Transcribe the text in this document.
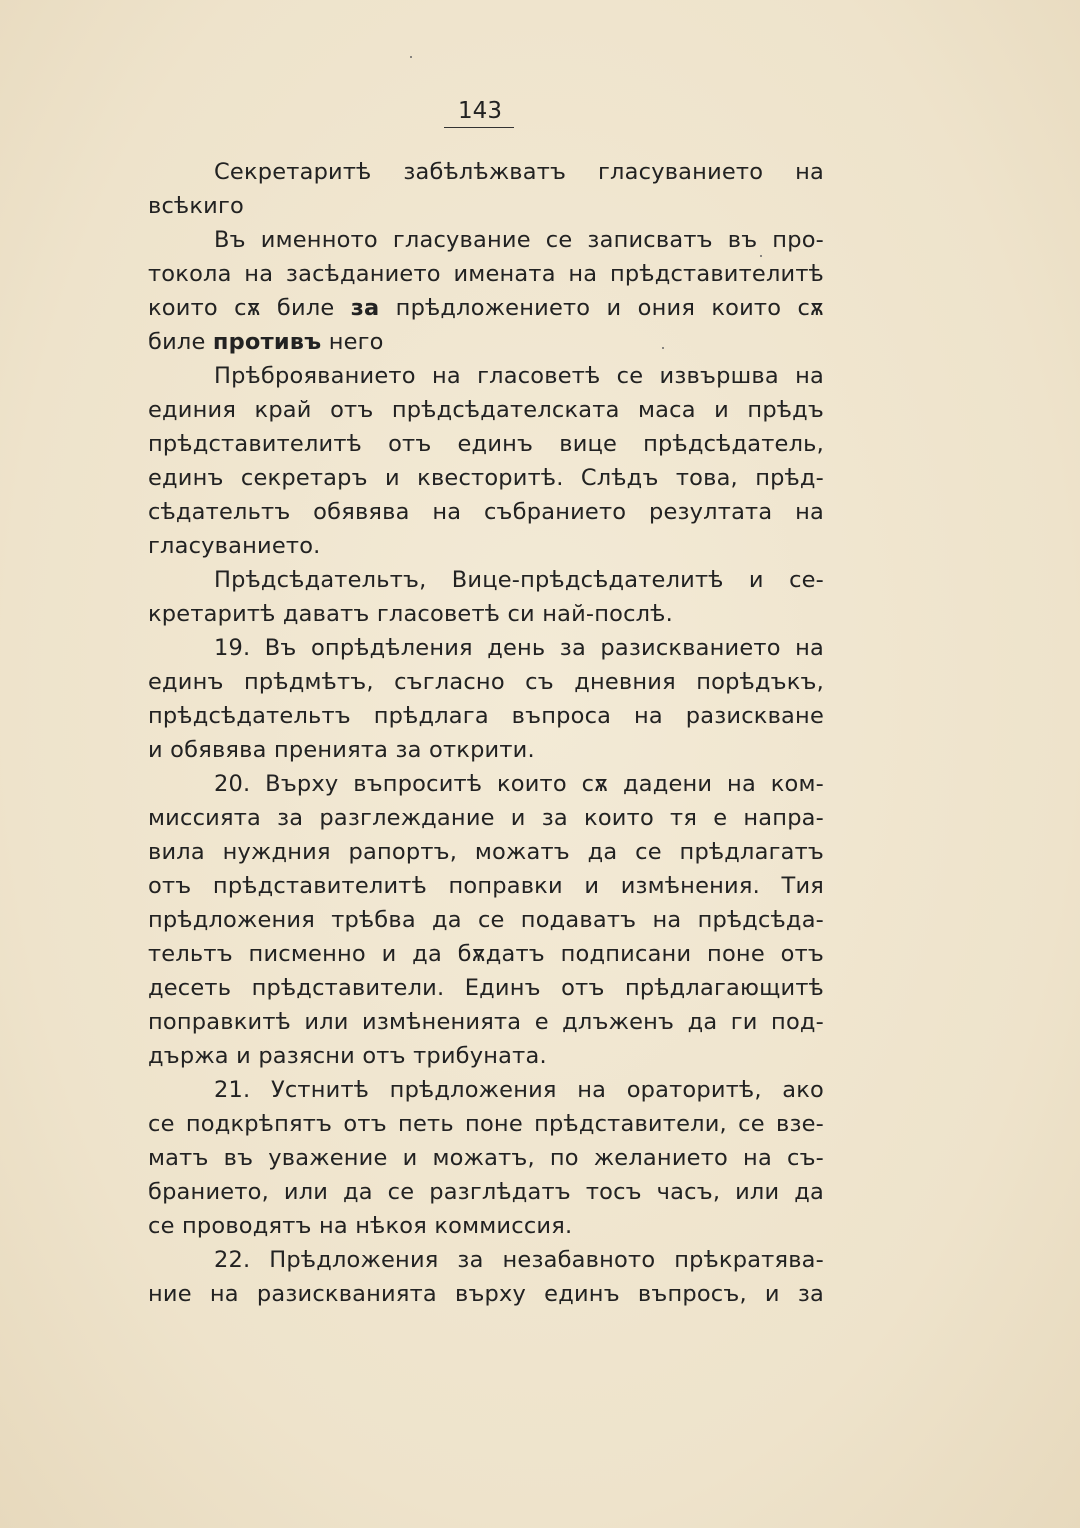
143
Секретаритѣ забѣлѣжватъ гласуванието на
всѣкиго
Въ именното гласувание се записватъ въ про-
токола на засѣданието имената на прѣдставителитѣ
които сѫ биле за прѣдложението и ония които сѫ
биле противъ него
Прѣброяванието на гласоветѣ се извършва на
единия край отъ прѣдсѣдателската маса и прѣдъ
прѣдставителитѣ отъ единъ вице прѣдсѣдатель,
единъ секретаръ и квесторитѣ. Слѣдъ това, прѣд-
сѣдательтъ обявява на събранието резултата на
гласуванието.
Прѣдсѣдательтъ, Вице-прѣдсѣдателитѣ и се-
кретаритѣ даватъ гласоветѣ си най-послѣ.
19. Въ опрѣдѣления день за разискванието на
единъ прѣдмѣтъ, съгласно съ дневния порѣдъкъ,
прѣдсѣдательтъ прѣдлага въпроса на разискване
и обявява пренията за открити.
20. Върху въпроситѣ които сѫ дадени на ком-
миссията за разглеждание и за които тя е напра-
вила нуждния рапортъ, можатъ да се прѣдлагатъ
отъ прѣдставителитѣ поправки и измѣнения. Тия
прѣдложения трѣбва да се подаватъ на прѣдсѣда-
тельтъ писменно и да бѫдатъ подписани поне отъ
десеть прѣдставители. Единъ отъ прѣдлагающитѣ
поправкитѣ или измѣненията е длъженъ да ги под-
държа и разясни отъ трибуната.
21. Устнитѣ прѣдложения на ораторитѣ, ако
се подкрѣпятъ отъ петь поне прѣдставители, се взе-
матъ въ уважение и можатъ, по желанието на съ-
бранието, или да се разглѣдатъ тосъ часъ, или да
се проводятъ на нѣкоя коммиссия.
22. Прѣдложения за незабавното прѣкратява-
ние на разискванията върху единъ въпросъ, и за
